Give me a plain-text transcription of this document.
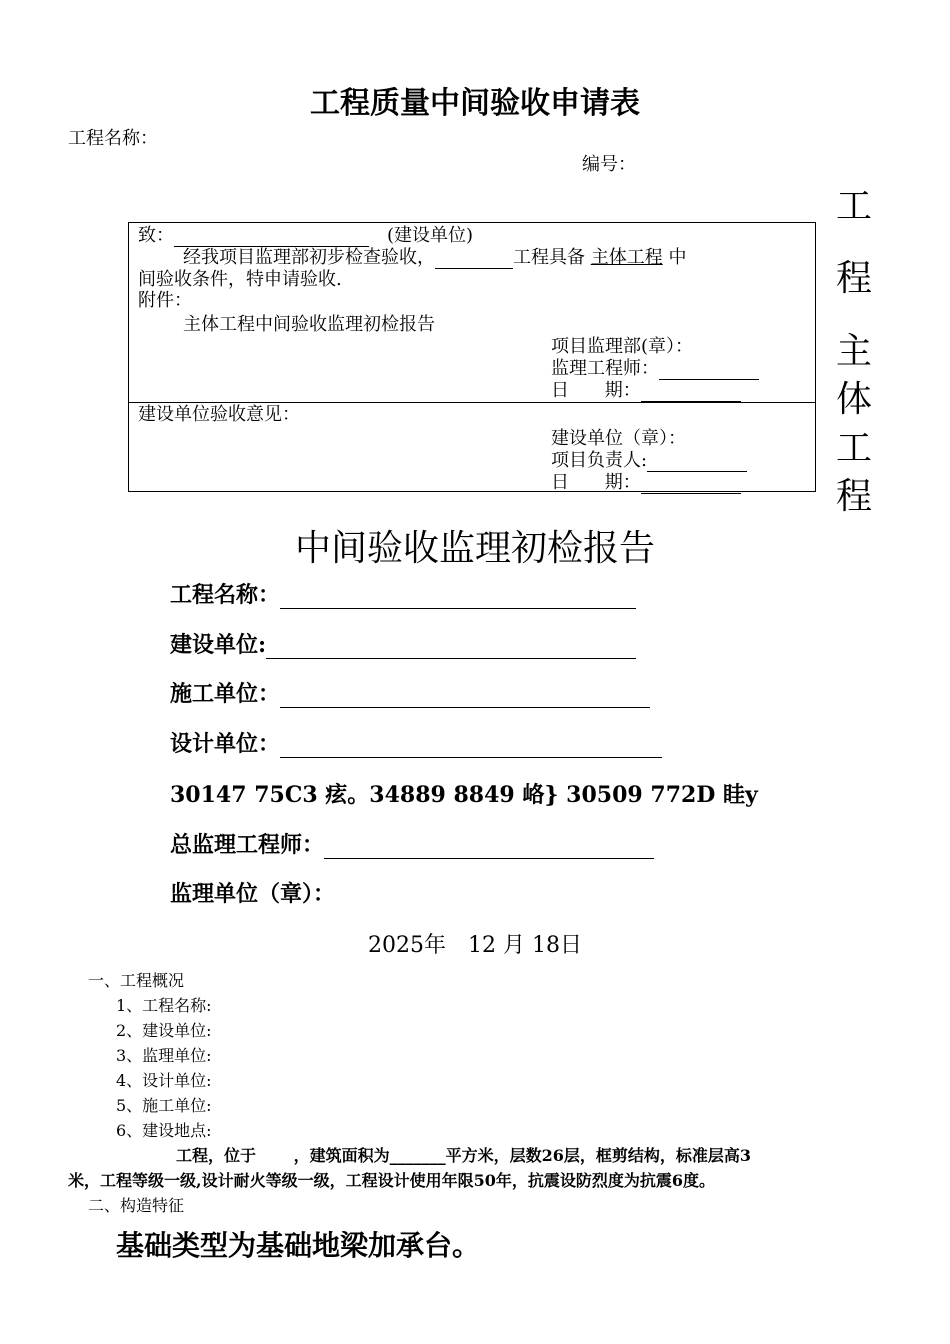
工程质量中间验收申请表
工程名称：
编号：
致：　	(建设单位)
经我项目监理部初步检查验收，	工程具备 主体工程 中
间验收条件，特申请验收.
附件：
主体工程中间验收监理初检报告
项目监理部(章）：
监理工程师：
日 期：
建设单位验收意见：
建设单位（章）：
项目负责人:
日 期：
工
程
主
体
工
程
中间验收监理初检报告
工程名称：
建设单位:
施工单位：
设计单位：
30147 75C3 痃。34889 8849 峈} 30509 772D 眭y
总监理工程师：
监理单位（章）：
2025年　12 月 18日
一、工程概况
1、工程名称:
2、建设单位:
3、监理单位:
4、设计单位:
5、施工单位:
6、建设地点:
工程，位于　　 ，建筑面积为_______平方米，层数26层，框剪结构，标准层高3
米，工程等级一级,设计耐火等级一级，工程设计使用年限50年，抗震设防烈度为抗震6度。
二、构造特征
基础类型为基础地梁加承台。
